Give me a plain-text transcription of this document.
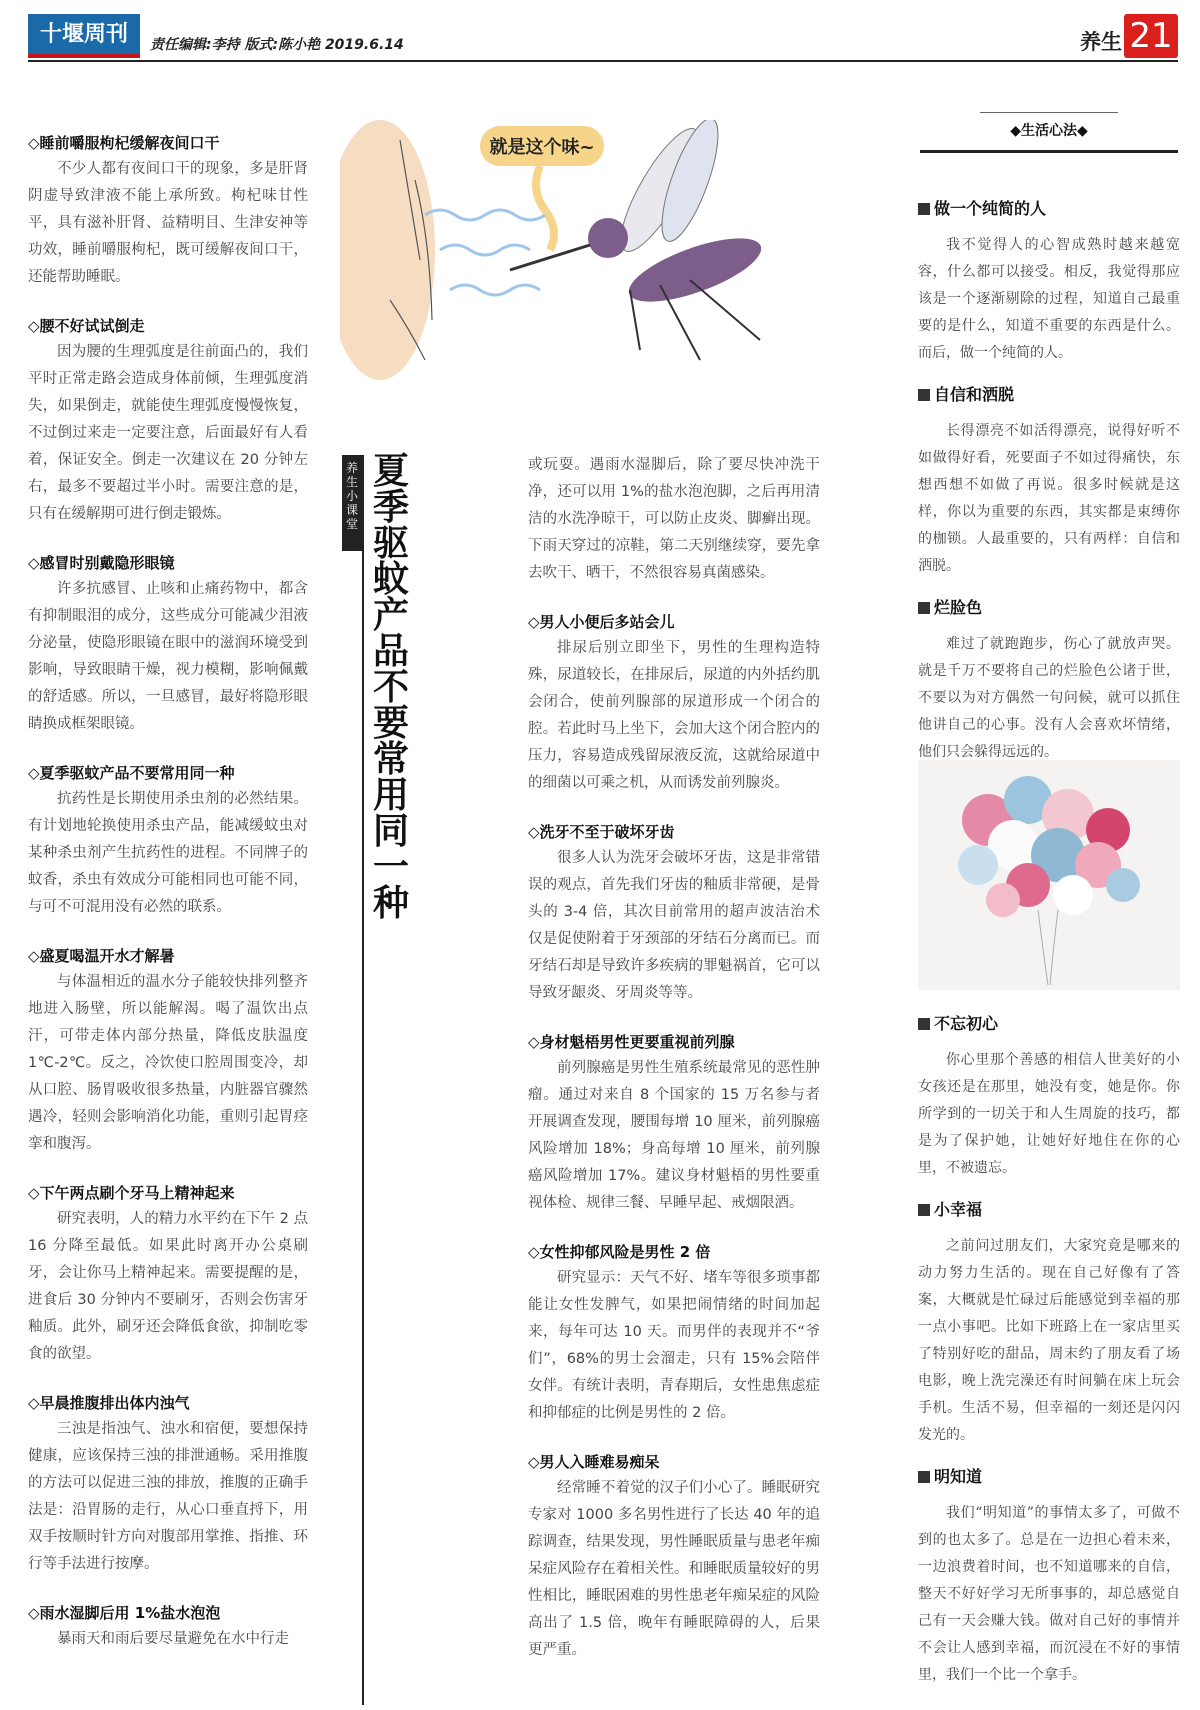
十堰周刊	责任编辑:李持 版式:陈小艳 2019.6.14	养生 21
就是这个味~
◇睡前嚼服枸杞缓解夜间口干

不少人都有夜间口干的现象，多是肝肾阴虚导致津液不能上承所致。枸杞味甘性平，具有滋补肝肾、益精明目、生津安神等功效，睡前嚼服枸杞，既可缓解夜间口干，还能帮助睡眠。

◇腰不好试试倒走

因为腰的生理弧度是往前面凸的，我们平时正常走路会造成身体前倾，生理弧度消失，如果倒走，就能使生理弧度慢慢恢复，不过倒过来走一定要注意，后面最好有人看着，保证安全。倒走一次建议在 20 分钟左右，最多不要超过半小时。需要注意的是，只有在缓解期可进行倒走锻炼。

◇感冒时别戴隐形眼镜

许多抗感冒、止咳和止痛药物中，都含有抑制眼泪的成分，这些成分可能减少泪液分泌量，使隐形眼镜在眼中的滋润环境受到影响，导致眼睛干燥，视力模糊，影响佩戴的舒适感。所以，一旦感冒，最好将隐形眼睛换成框架眼镜。

◇夏季驱蚊产品不要常用同一种

抗药性是长期使用杀虫剂的必然结果。有计划地轮换使用杀虫产品，能减缓蚊虫对某种杀虫剂产生抗药性的进程。不同牌子的蚊香，杀虫有效成分可能相同也可能不同，与可不可混用没有必然的联系。

◇盛夏喝温开水才解暑

与体温相近的温水分子能较快排列整齐地进入肠壁，所以能解渴。喝了温饮出点汗，可带走体内部分热量，降低皮肤温度1℃-2℃。反之，冷饮使口腔周围变冷，却从口腔、肠胃吸收很多热量，内脏器官骤然遇冷，轻则会影响消化功能，重则引起胃痉挛和腹泻。

◇下午两点刷个牙马上精神起来

研究表明，人的精力水平约在下午 2 点 16 分降至最低。如果此时离开办公桌刷牙，会让你马上精神起来。需要提醒的是，进食后 30 分钟内不要刷牙，否则会伤害牙釉质。此外，刷牙还会降低食欲，抑制吃零食的欲望。

◇早晨推腹排出体内浊气

三浊是指浊气、浊水和宿便，要想保持健康，应该保持三浊的排泄通畅。采用推腹的方法可以促进三浊的排放，推腹的正确手法是：沿胃肠的走行，从心口垂直捋下，用双手按顺时针方向对腹部用掌推、指推、环行等手法进行按摩。

◇雨水湿脚后用 1%盐水泡泡

暴雨天和雨后要尽量避免在水中行走

养生小课堂
夏季驱蚊产品不要常用同一种

或玩耍。遇雨水湿脚后，除了要尽快冲洗干净，还可以用 1%的盐水泡泡脚，之后再用清洁的水洗净晾干，可以防止皮炎、脚癣出现。下雨天穿过的凉鞋，第二天别继续穿，要先拿去吹干、晒干，不然很容易真菌感染。

◇男人小便后多站会儿

排尿后别立即坐下，男性的生理构造特殊，尿道较长，在排尿后，尿道的内外括约肌会闭合，使前列腺部的尿道形成一个闭合的腔。若此时马上坐下，会加大这个闭合腔内的压力，容易造成残留尿液反流，这就给尿道中的细菌以可乘之机，从而诱发前列腺炎。

◇洗牙不至于破坏牙齿

很多人认为洗牙会破坏牙齿，这是非常错误的观点，首先我们牙齿的釉质非常硬，是骨头的 3-4 倍，其次目前常用的超声波洁治术仅是促使附着于牙颈部的牙结石分离而已。而牙结石却是导致许多疾病的罪魁祸首，它可以导致牙龈炎、牙周炎等等。

◇身材魁梧男性更要重视前列腺

前列腺癌是男性生殖系统最常见的恶性肿瘤。通过对来自 8 个国家的 15 万名参与者开展调查发现，腰围每增 10 厘米，前列腺癌风险增加 18%；身高每增 10 厘米，前列腺癌风险增加 17%。建议身材魁梧的男性要重视体检、规律三餐、早睡早起、戒烟限酒。

◇女性抑郁风险是男性 2 倍

研究显示：天气不好、堵车等很多琐事都能让女性发脾气，如果把闹情绪的时间加起来，每年可达 10 天。而男伴的表现并不“爷们”，68%的男士会溜走，只有 15%会陪伴女伴。有统计表明，青春期后，女性患焦虑症和抑郁症的比例是男性的 2 倍。

◇男人入睡难易痴呆

经常睡不着觉的汉子们小心了。睡眠研究专家对 1000 多名男性进行了长达 40 年的追踪调查，结果发现，男性睡眠质量与患老年痴呆症风险存在着相关性。和睡眠质量较好的男性相比，睡眠困难的男性患老年痴呆症的风险高出了 1.5 倍，晚年有睡眠障碍的人，后果更严重。

◆生活心法◆
做一个纯简的人

我不觉得人的心智成熟时越来越宽容，什么都可以接受。相反，我觉得那应该是一个逐渐剔除的过程，知道自己最重要的是什么，知道不重要的东西是什么。而后，做一个纯简的人。

自信和洒脱

长得漂亮不如活得漂亮，说得好听不如做得好看，死要面子不如过得痛快，东想西想不如做了再说。很多时候就是这样，你以为重要的东西，其实都是束缚你的枷锁。人最重要的，只有两样：自信和洒脱。

烂脸色

难过了就跑跑步，伤心了就放声哭。就是千万不要将自己的烂脸色公诸于世，不要以为对方偶然一句问候，就可以抓住他讲自己的心事。没有人会喜欢坏情绪，他们只会躲得远远的。

不忘初心

你心里那个善感的相信人世美好的小女孩还是在那里，她没有变，她是你。你所学到的一切关于和人生周旋的技巧，都是为了保护她，让她好好地住在你的心里，不被遗忘。

小幸福

之前问过朋友们，大家究竟是哪来的动力努力生活的。现在自己好像有了答案，大概就是忙碌过后能感觉到幸福的那一点小事吧。比如下班路上在一家店里买了特别好吃的甜品，周末约了朋友看了场电影，晚上洗完澡还有时间躺在床上玩会手机。生活不易，但幸福的一刻还是闪闪发光的。

明知道

我们“明知道”的事情太多了，可做不到的也太多了。总是在一边担心着未来，一边浪费着时间，也不知道哪来的自信，整天不好好学习无所事事的，却总感觉自己有一天会赚大钱。做对自己好的事情并不会让人感到幸福，而沉浸在不好的事情里，我们一个比一个拿手。
